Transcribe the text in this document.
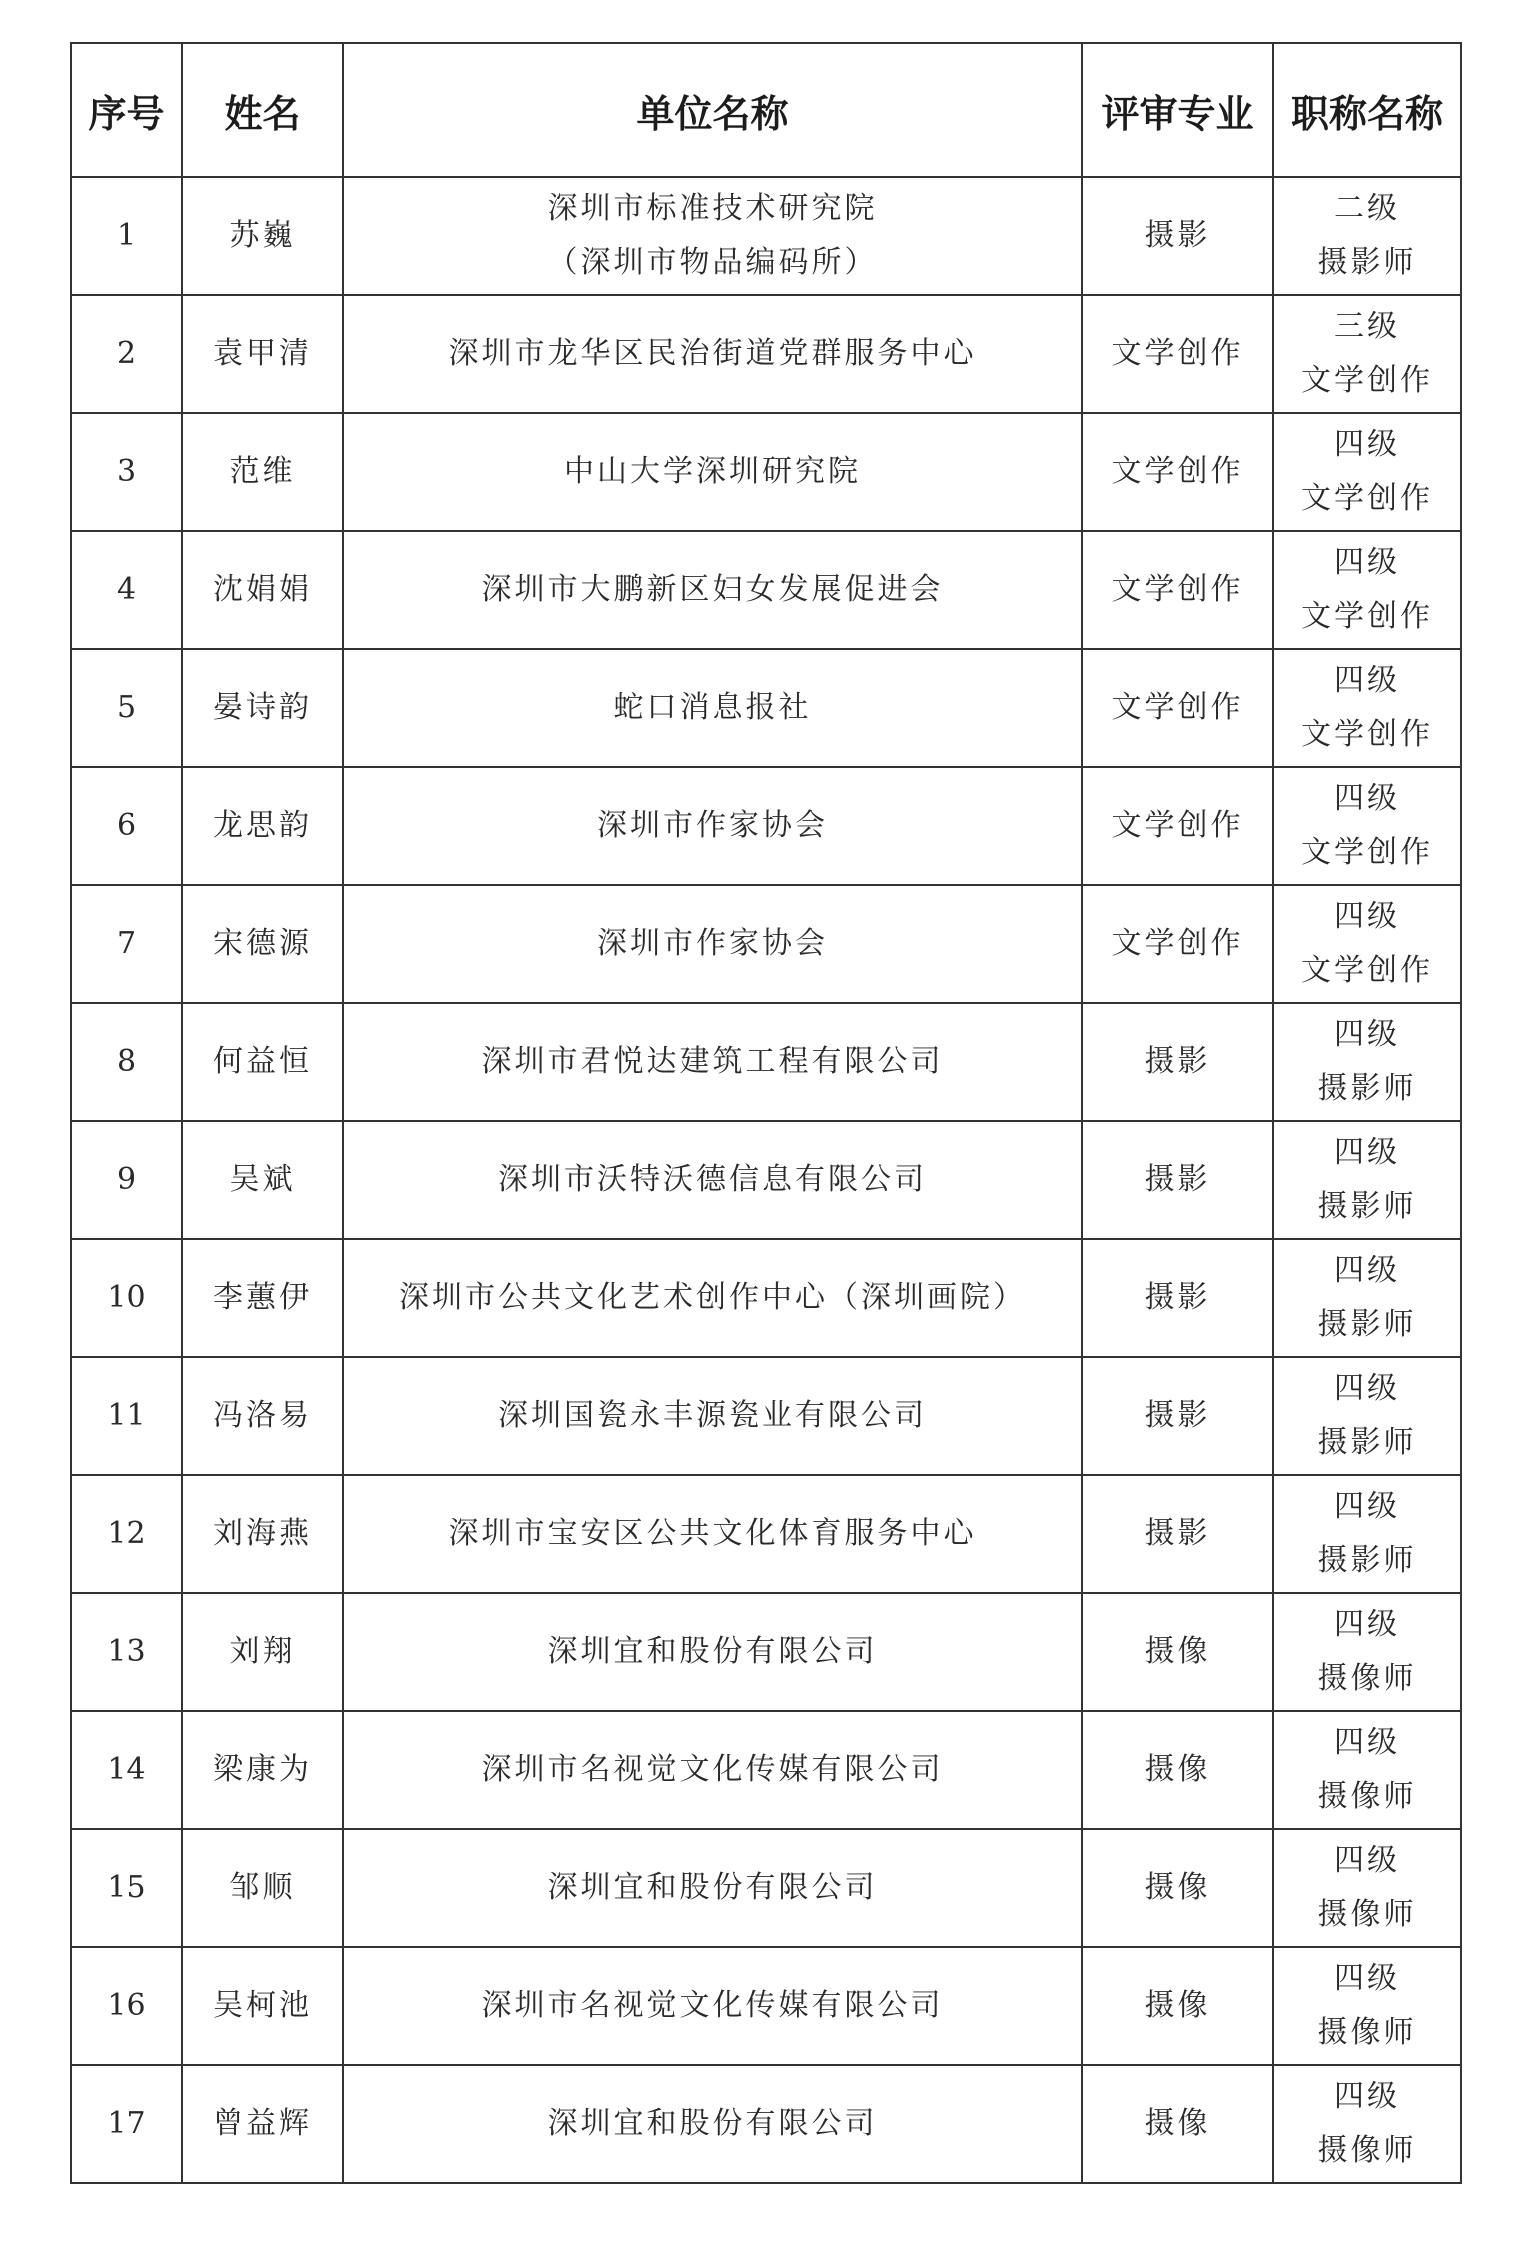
序号	姓名	单位名称	评审专业	职称名称
1	苏巍	深圳市标准技术研究院
（深圳市物品编码所）	摄影	二级
摄影师

2	袁甲清	深圳市龙华区民治街道党群服务中心	文学创作	三级
文学创作

3	范维	中山大学深圳研究院	文学创作	四级
文学创作

4	沈娟娟	深圳市大鹏新区妇女发展促进会	文学创作	四级
文学创作

5	晏诗韵	蛇口消息报社	文学创作	四级
文学创作

6	龙思韵	深圳市作家协会	文学创作	四级
文学创作

7	宋德源	深圳市作家协会	文学创作	四级
文学创作

8	何益恒	深圳市君悦达建筑工程有限公司	摄影	四级
摄影师

9	吴斌	深圳市沃特沃德信息有限公司	摄影	四级
摄影师

10	李蕙伊	深圳市公共文化艺术创作中心（深圳画院）	摄影	四级
摄影师

11	冯洛易	深圳国瓷永丰源瓷业有限公司	摄影	四级
摄影师

12	刘海燕	深圳市宝安区公共文化体育服务中心	摄影	四级
摄影师

13	刘翔	深圳宜和股份有限公司	摄像	四级
摄像师

14	梁康为	深圳市名视觉文化传媒有限公司	摄像	四级
摄像师

15	邹顺	深圳宜和股份有限公司	摄像	四级
摄像师

16	吴柯池	深圳市名视觉文化传媒有限公司	摄像	四级
摄像师

17	曾益辉	深圳宜和股份有限公司	摄像	四级
摄像师
